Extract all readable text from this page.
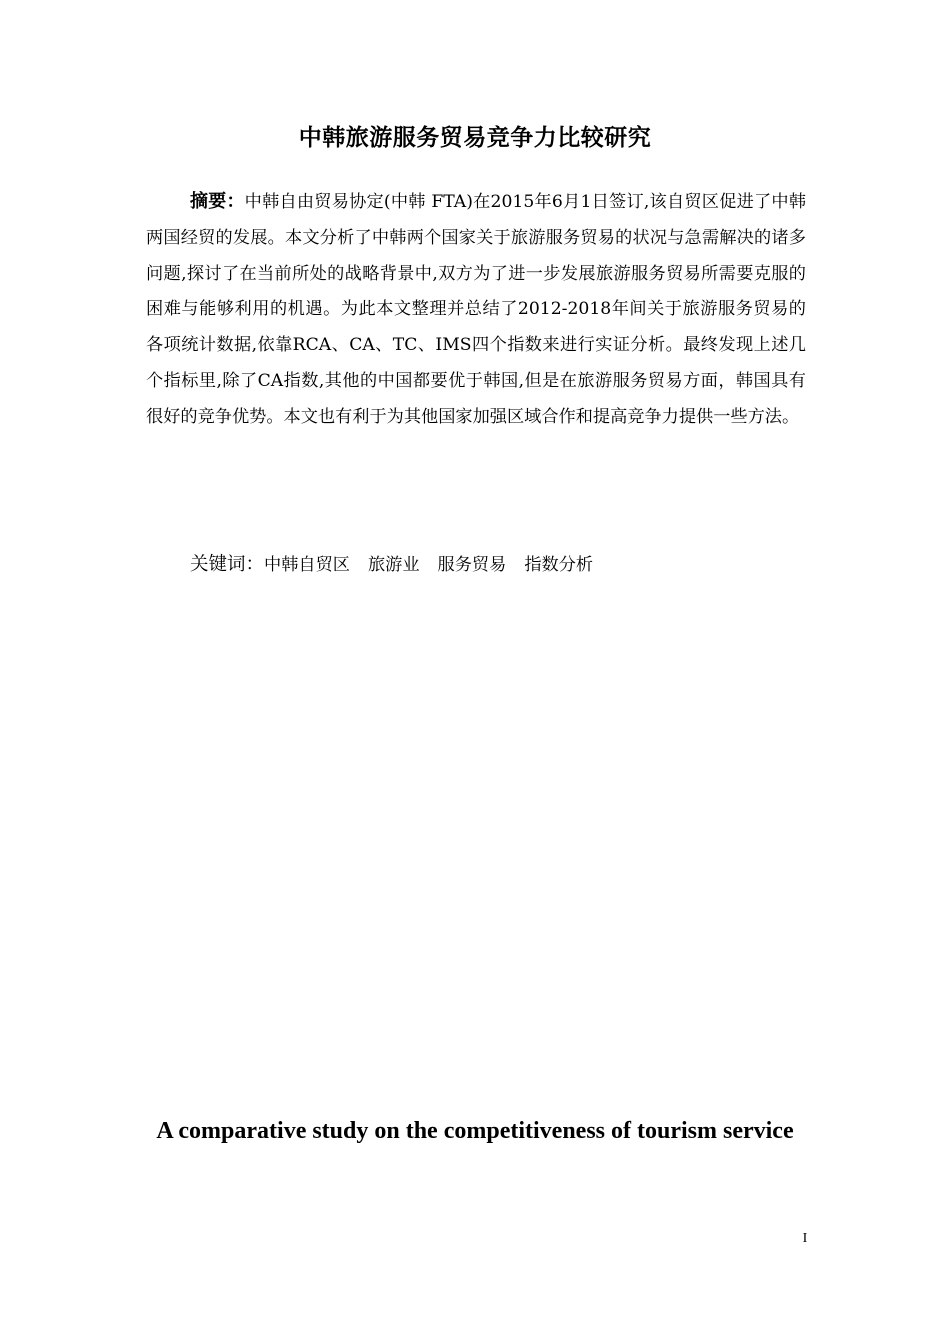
中韩旅游服务贸易竞争力比较研究

摘要：中韩自由贸易协定(中韩 FTA)在2015年6月1日签订,该自贸区促进了中韩两国经贸的发展。本文分析了中韩两个国家关于旅游服务贸易的状况与急需解决的诸多问题,探讨了在当前所处的战略背景中,双方为了进一步发展旅游服务贸易所需要克服的困难与能够利用的机遇。为此本文整理并总结了2012-2018年间关于旅游服务贸易的各项统计数据,依靠RCA、CA、TC、IMS四个指数来进行实证分析。最终发现上述几个指标里,除了CA指数,其他的中国都要优于韩国,但是在旅游服务贸易方面，韩国具有很好的竞争优势。本文也有利于为其他国家加强区域合作和提高竞争力提供一些方法。

关键词：中韩自贸区 旅游业 服务贸易 指数分析

A comparative study on the competitiveness of tourism service
I
